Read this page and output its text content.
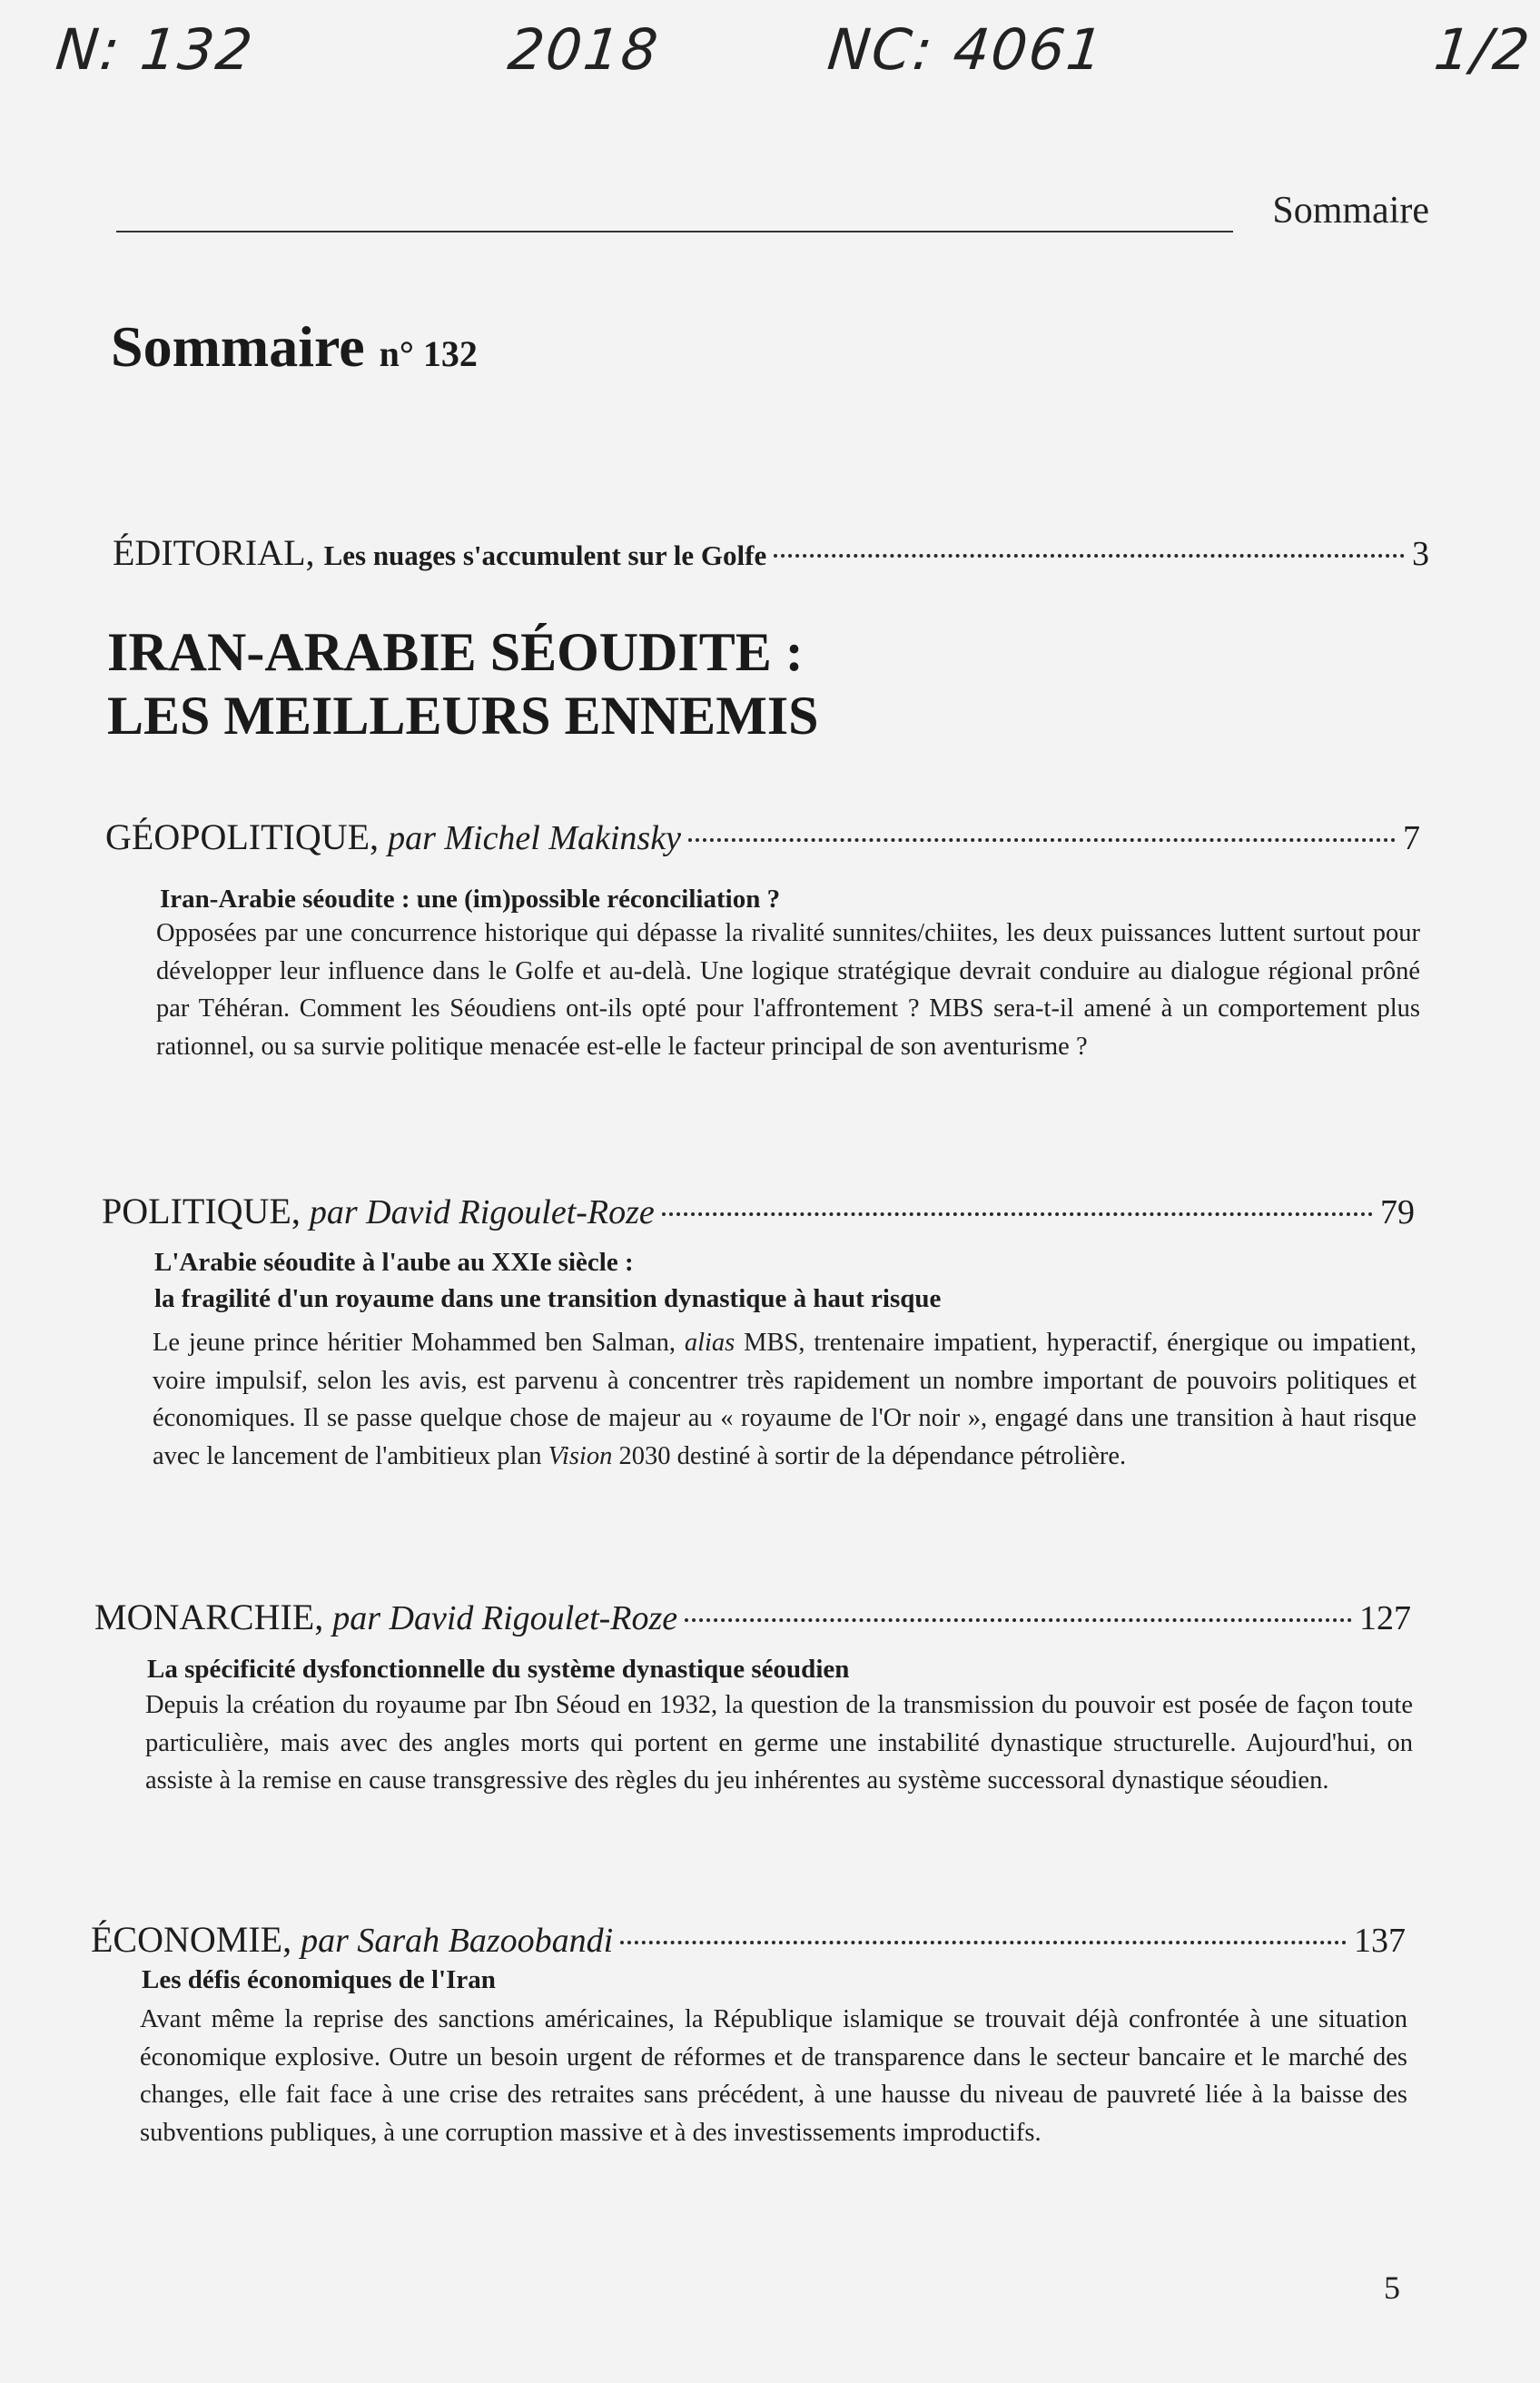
N: 132	2018	NC: 4061	1/2
Sommaire
Sommaire n° 132
ÉDITORIAL, Les nuages s'accumulent sur le Golfe	3
IRAN-ARABIE SÉOUDITE :
LES MEILLEURS ENNEMIS
GÉOPOLITIQUE, par Michel Makinsky	7
Iran-Arabie séoudite : une (im)possible réconciliation ?
Opposées par une concurrence historique qui dépasse la rivalité sunnites/chiites, les deux puissances luttent surtout pour développer leur influence dans le Golfe et au-delà. Une logique stratégique devrait conduire au dialogue régional prôné par Téhéran. Comment les Séoudiens ont-ils opté pour l'affrontement ? MBS sera-t-il amené à un comportement plus rationnel, ou sa survie politique menacée est-elle le facteur principal de son aventurisme ?
POLITIQUE, par David Rigoulet-Roze	79
L'Arabie séoudite à l'aube au XXIe siècle :
la fragilité d'un royaume dans une transition dynastique à haut risque
Le jeune prince héritier Mohammed ben Salman, alias MBS, trentenaire impatient, hyperactif, énergique ou impatient, voire impulsif, selon les avis, est parvenu à concentrer très rapidement un nombre important de pouvoirs politiques et économiques. Il se passe quelque chose de majeur au « royaume de l'Or noir », engagé dans une transition à haut risque avec le lancement de l'ambitieux plan Vision 2030 destiné à sortir de la dépendance pétrolière.
MONARCHIE, par David Rigoulet-Roze	127
La spécificité dysfonctionnelle du système dynastique séoudien
Depuis la création du royaume par Ibn Séoud en 1932, la question de la transmission du pouvoir est posée de façon toute particulière, mais avec des angles morts qui portent en germe une instabilité dynastique structurelle. Aujourd'hui, on assiste à la remise en cause transgressive des règles du jeu inhérentes au système successoral dynastique séoudien.
ÉCONOMIE, par Sarah Bazoobandi	137
Les défis économiques de l'Iran
Avant même la reprise des sanctions américaines, la République islamique se trouvait déjà confrontée à une situation économique explosive. Outre un besoin urgent de réformes et de transparence dans le secteur bancaire et le marché des changes, elle fait face à une crise des retraites sans précédent, à une hausse du niveau de pauvreté liée à la baisse des subventions publiques, à une corruption massive et à des investissements improductifs.
5
